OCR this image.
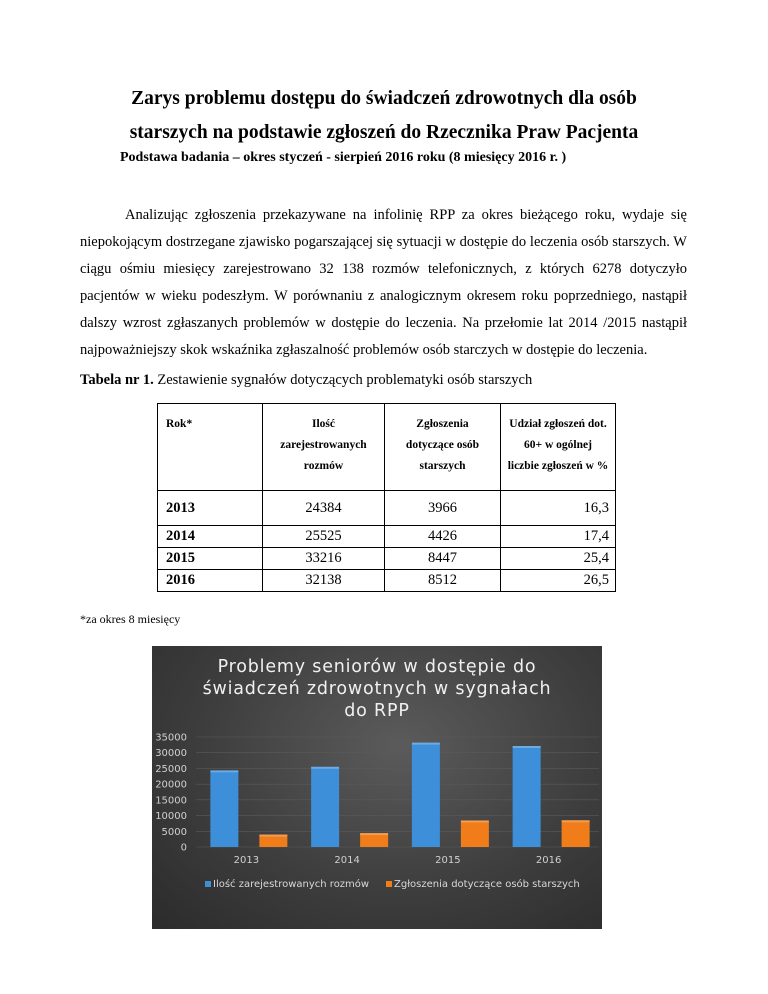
Zarys problemu dostępu do świadczeń zdrowotnych dla osób
starszych na podstawie zgłoszeń do Rzecznika Praw Pacjenta
Podstawa badania – okres styczeń - sierpień 2016 roku (8 miesięcy 2016 r. )
Analizując zgłoszenia przekazywane na infolinię RPP za okres bieżącego roku, wydaje się niepokojącym dostrzegane zjawisko pogarszającej się sytuacji w dostępie do leczenia osób starszych. W ciągu ośmiu miesięcy zarejestrowano 32 138 rozmów telefonicznych, z których 6278 dotyczyło pacjentów w wieku podeszłym. W porównaniu z analogicznym okresem roku poprzedniego, nastąpił dalszy wzrost zgłaszanych problemów w dostępie do leczenia. Na przełomie lat 2014 /2015 nastąpił najpoważniejszy skok wskaźnika zgłaszalność problemów osób starczych w dostępie do leczenia.
Tabela nr 1. Zestawienie sygnałów dotyczących problematyki osób starszych
Rok*	Ilość zarejestrowanych rozmów	Zgłoszenia dotyczące osób starszych	Udział zgłoszeń dot. 60+ w ogólnej liczbie zgłoszeń w %

2013	24384	3966	16,3
2014	25525	4426	17,4
2015	33216	8447	25,4
2016	32138	8512	26,5
*za okres 8 miesięcy
Problemy seniorów w dostępie do
świadczeń zdrowotnych w sygnałach
do RPP
0
5000
10000
15000
20000
25000
30000
35000
2013	2014	2015	2016
Ilość zarejestrowanych rozmów	Zgłoszenia dotyczące osób starszych
